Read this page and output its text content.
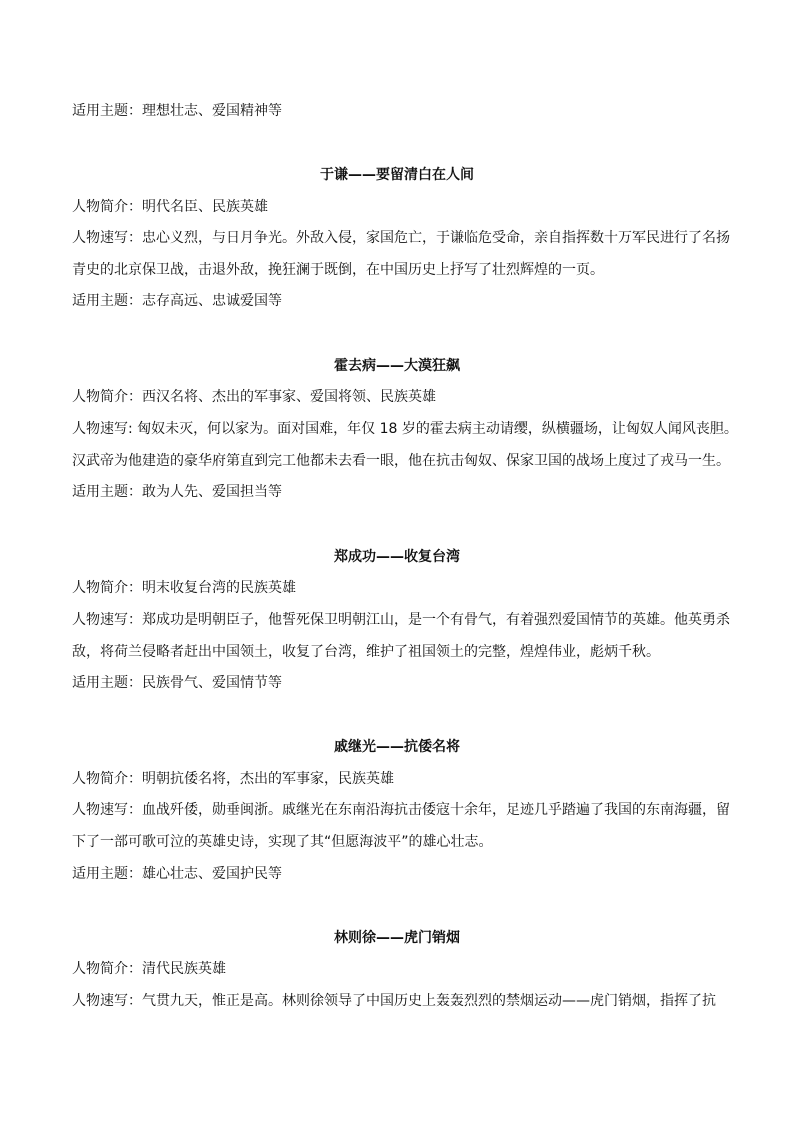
适用主题：理想壮志、爱国精神等
于谦——要留清白在人间
人物简介：明代名臣、民族英雄
人物速写：忠心义烈，与日月争光。外敌入侵，家国危亡，于谦临危受命，亲自指挥数十万军民进行了名扬青史的北京保卫战，击退外敌，挽狂澜于既倒，在中国历史上抒写了壮烈辉煌的一页。
适用主题：志存高远、忠诚爱国等
霍去病——大漠狂飙
人物简介：西汉名将、杰出的军事家、爱国将领、民族英雄
人物速写: 匈奴未灭，何以家为。面对国难，年仅 18 岁的霍去病主动请缨，纵横疆场，让匈奴人闻风丧胆。汉武帝为他建造的豪华府第直到完工他都未去看一眼，他在抗击匈奴、保家卫国的战场上度过了戎马一生。
适用主题：敢为人先、爱国担当等
郑成功——收复台湾
人物简介：明末收复台湾的民族英雄
人物速写：郑成功是明朝臣子，他誓死保卫明朝江山，是一个有骨气，有着强烈爱国情节的英雄。他英勇杀敌，将荷兰侵略者赶出中国领土，收复了台湾，维护了祖国领土的完整，煌煌伟业，彪炳千秋。
适用主题：民族骨气、爱国情节等
戚继光——抗倭名将
人物简介：明朝抗倭名将，杰出的军事家，民族英雄
人物速写：血战歼倭，勋垂闽浙。戚继光在东南沿海抗击倭寇十余年，足迹几乎踏遍了我国的东南海疆，留下了一部可歌可泣的英雄史诗，实现了其“但愿海波平”的雄心壮志。
适用主题：雄心壮志、爱国护民等
林则徐——虎门销烟
人物简介：清代民族英雄
人物速写：气贯九天，惟正是高。林则徐领导了中国历史上轰轰烈烈的禁烟运动——虎门销烟，指挥了抗
